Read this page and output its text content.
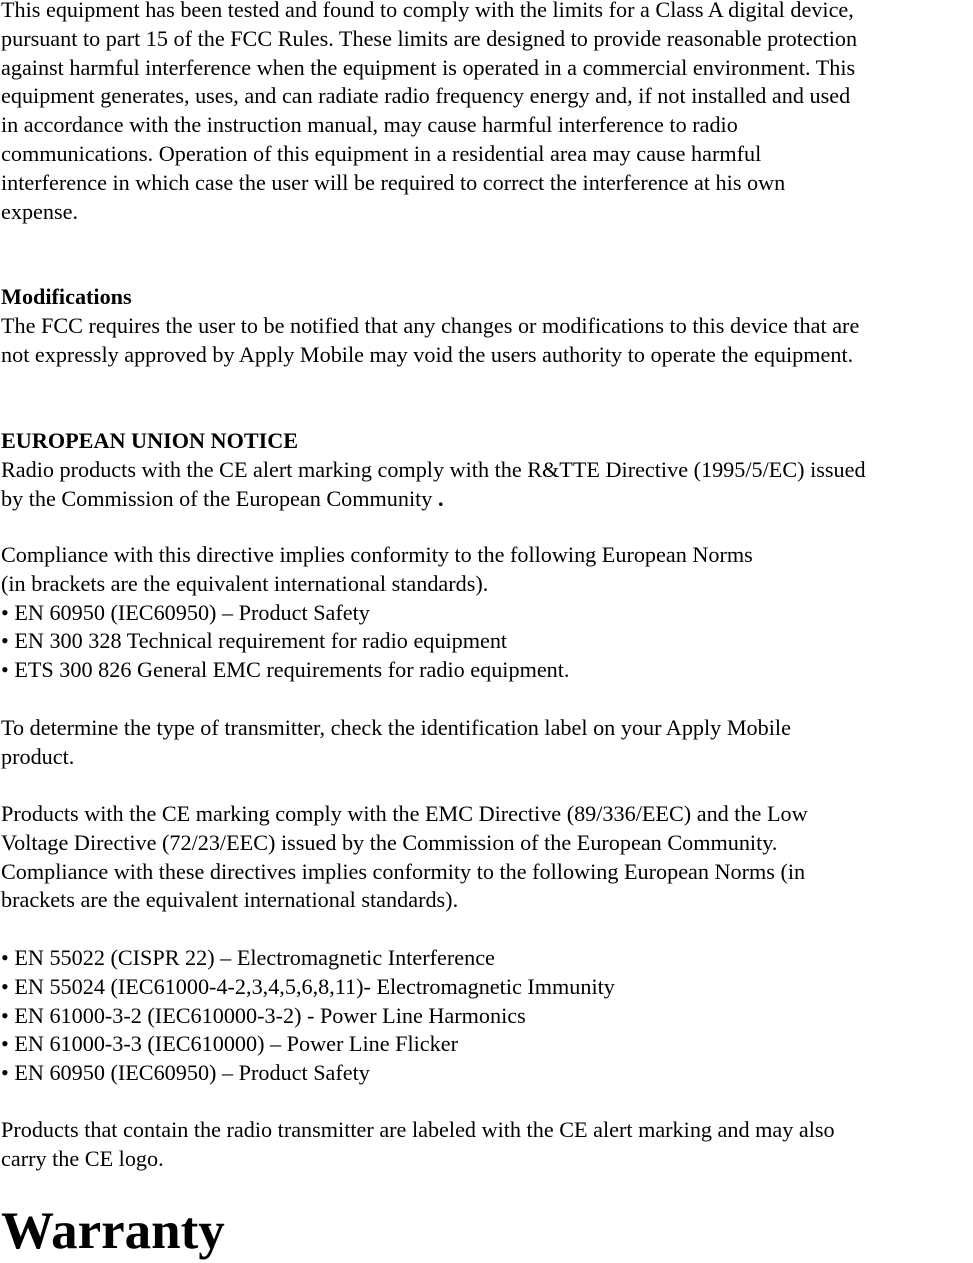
This equipment has been tested and found to comply with the limits for a Class A digital device,
pursuant to part 15 of the FCC Rules. These limits are designed to provide reasonable protection
against harmful interference when the equipment is operated in a commercial environment. This
equipment generates, uses, and can radiate radio frequency energy and, if not installed and used
in accordance with the instruction manual, may cause harmful interference to radio
communications. Operation of this equipment in a residential area may cause harmful
interference in which case the user will be required to correct the interference at his own
expense.

Modifications
The FCC requires the user to be notified that any changes or modifications to this device that are
not expressly approved by Apply Mobile may void the users authority to operate the equipment.

EUROPEAN UNION NOTICE
Radio products with the CE alert marking comply with the R&TTE Directive (1995/5/EC) issued
by the Commission of the European Community .

Compliance with this directive implies conformity to the following European Norms
(in brackets are the equivalent international standards).
• EN 60950 (IEC60950) – Product Safety
• EN 300 328 Technical requirement for radio equipment
• ETS 300 826 General EMC requirements for radio equipment.

To determine the type of transmitter, check the identification label on your Apply Mobile
product.

Products with the CE marking comply with the EMC Directive (89/336/EEC) and the Low
Voltage Directive (72/23/EEC) issued by the Commission of the European Community.
Compliance with these directives implies conformity to the following European Norms (in
brackets are the equivalent international standards).

• EN 55022 (CISPR 22) – Electromagnetic Interference
• EN 55024 (IEC61000-4-2,3,4,5,6,8,11)- Electromagnetic Immunity
• EN 61000-3-2 (IEC610000-3-2) - Power Line Harmonics
• EN 61000-3-3 (IEC610000) – Power Line Flicker
• EN 60950 (IEC60950) – Product Safety

Products that contain the radio transmitter are labeled with the CE alert marking and may also
carry the CE logo.

Warranty
